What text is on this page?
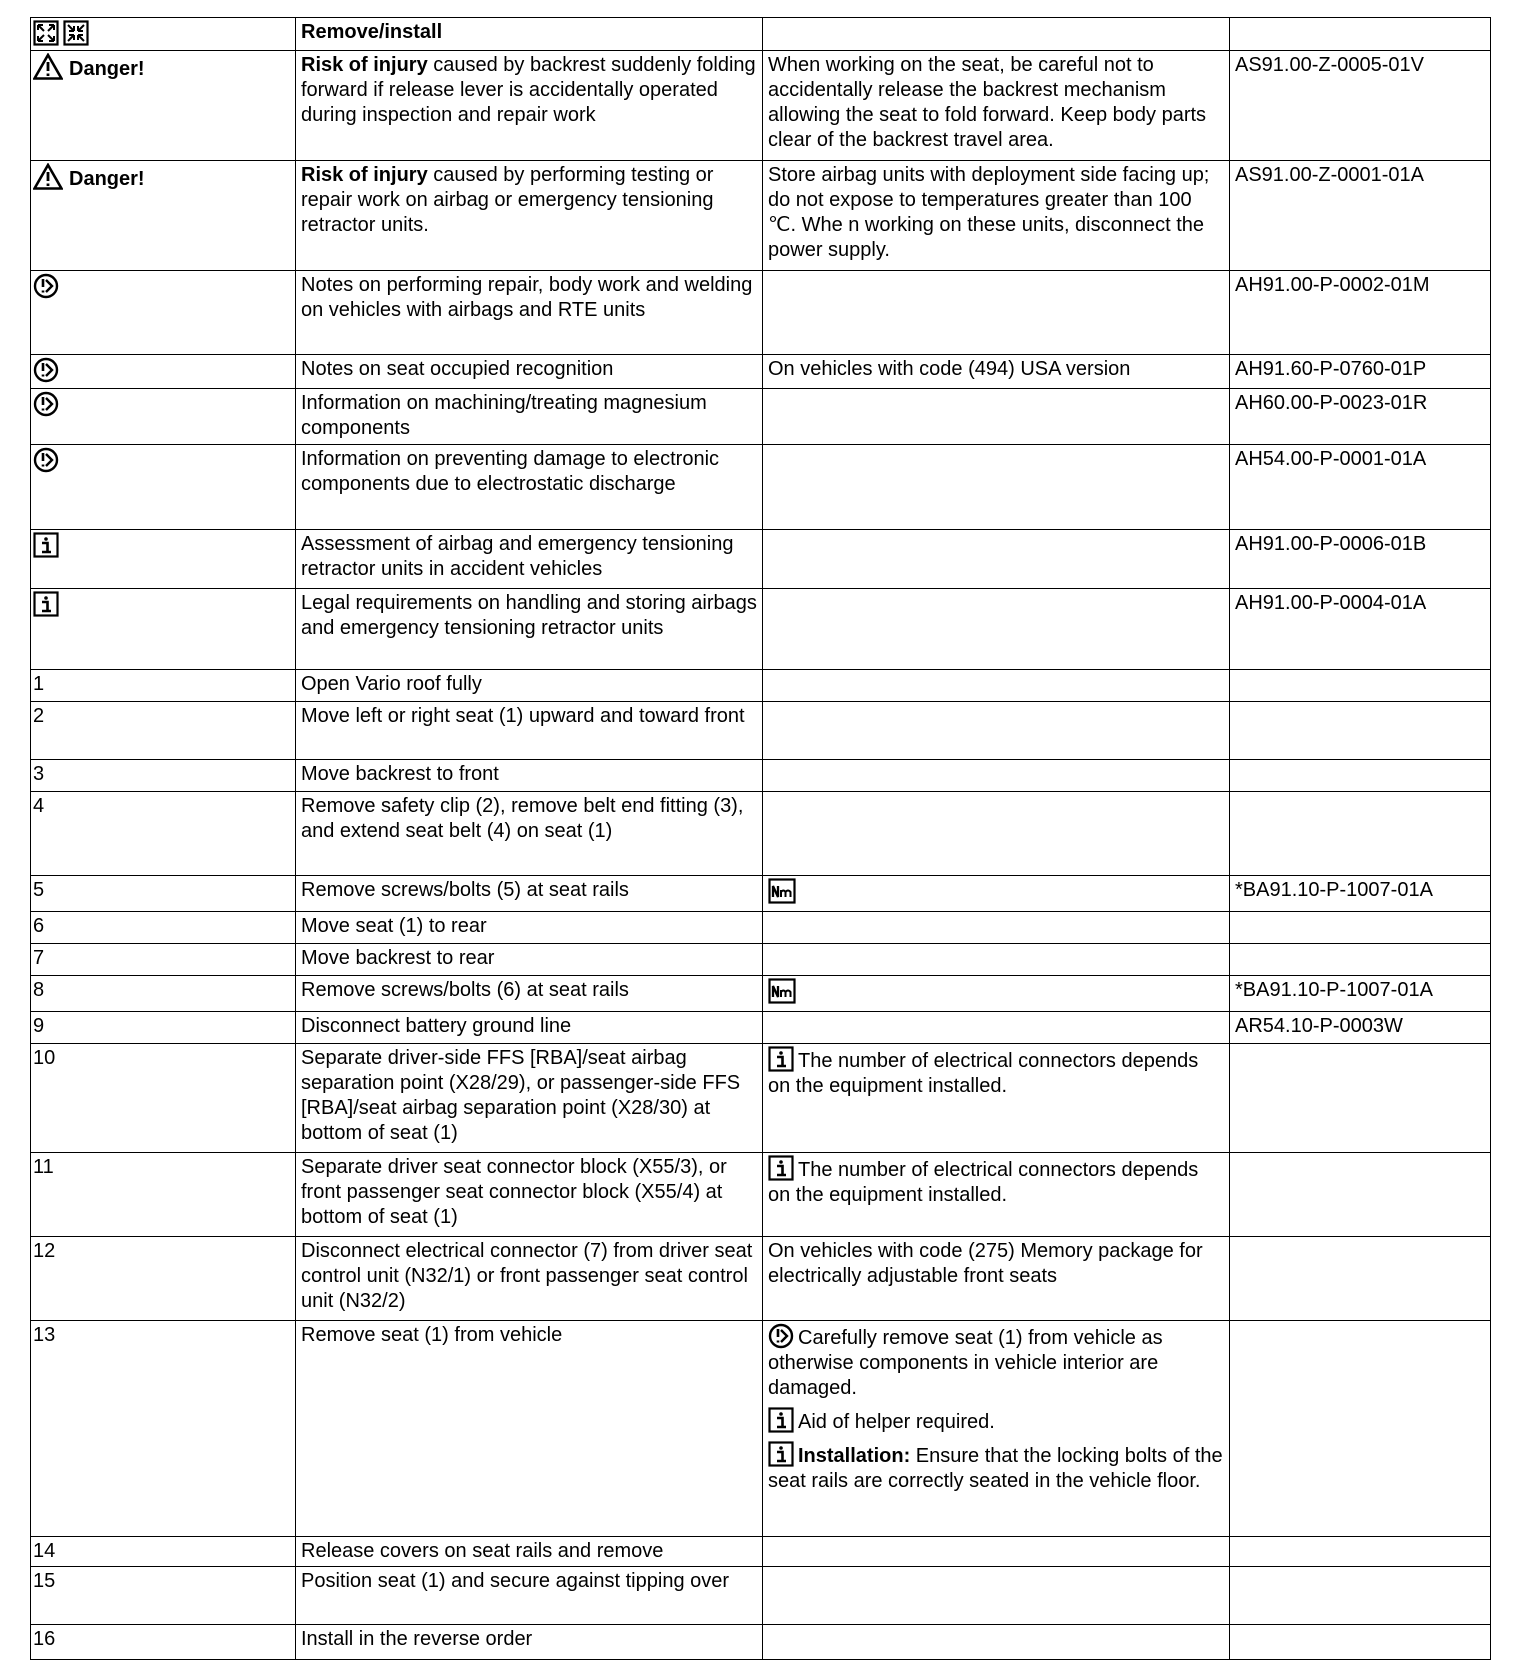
	Remove/install		
Danger!	Risk of injury caused by backrest suddenly folding forward if release lever is accidentally operated during inspection and repair work	When working on the seat, be careful not to accidentally release the backrest mechanism allowing the seat to fold forward. Keep body parts clear of the backrest travel area.	AS91.00-Z-0005-01V
Danger!	Risk of injury caused by performing testing or repair work on airbag or emergency tensioning retractor units.	Store airbag units with deployment side facing up; do not expose to temperatures greater than 100 ℃. Whe n working on these units, disconnect the power supply.	AS91.00-Z-0001-01A
	Notes on performing repair, body work and welding on vehicles with airbags and RTE units		AH91.00-P-0002-01M
	Notes on seat occupied recognition	On vehicles with code (494) USA version	AH91.60-P-0760-01P
	Information on machining/treating magnesium components		AH60.00-P-0023-01R
	Information on preventing damage to electronic components due to electrostatic discharge		AH54.00-P-0001-01A
	Assessment of airbag and emergency tensioning retractor units in accident vehicles		AH91.00-P-0006-01B
	Legal requirements on handling and storing airbags and emergency tensioning retractor units		AH91.00-P-0004-01A
1	Open Vario roof fully		
2	Move left or right seat (1) upward and toward front		
3	Move backrest to front		
4	Remove safety clip (2), remove belt end fitting (3), and extend seat belt (4) on seat (1)		
5	Remove screws/bolts (5) at seat rails		*BA91.10-P-1007-01A
6	Move seat (1) to rear		
7	Move backrest to rear		
8	Remove screws/bolts (6) at seat rails		*BA91.10-P-1007-01A
9	Disconnect battery ground line		AR54.10-P-0003W
10	Separate driver-side FFS [RBA]/seat airbag separation point (X28/29), or passenger-side FFS [RBA]/seat airbag separation point (X28/30) at bottom of seat (1)	The number of electrical connectors depends on the equipment installed.	

11	Separate driver seat connector block (X55/3), or front passenger seat connector block (X55/4) at bottom of seat (1)	The number of electrical connectors depends on the equipment installed.	

12	Disconnect electrical connector (7) from driver seat control unit (N32/1) or front passenger seat control unit (N32/2)	On vehicles with code (275) Memory package for electrically adjustable front seats	

13	Remove seat (1) from vehicle	Carefully remove seat (1) from vehicle as otherwise components in vehicle interior are damaged.
Aid of helper required.
Installation: Ensure that the locking bolts of the seat rails are correctly seated in the vehicle floor.	

14	Release covers on seat rails and remove		
15	Position seat (1) and secure against tipping over		
16	Install in the reverse order		
